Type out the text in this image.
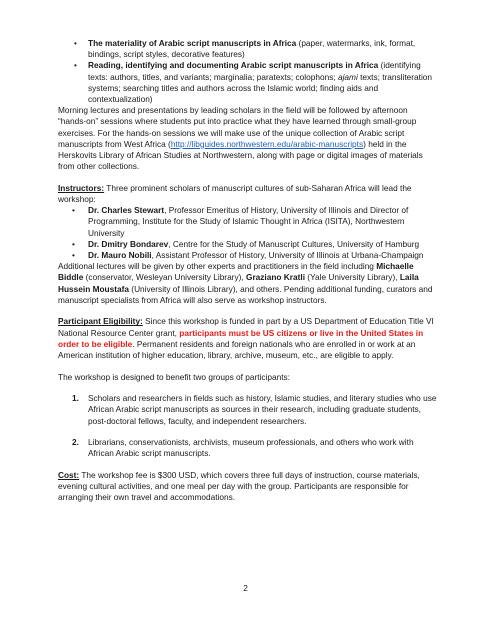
• The materiality of Arabic script manuscripts in Africa (paper, watermarks, ink, format, bindings, script styles, decorative features)
• Reading, identifying and documenting Arabic script manuscripts in Africa (identifying texts: authors, titles, and variants; marginalia; paratexts; colophons; ajami texts; transliteration systems; searching titles and authors across the Islamic world; finding aids and contextualization)

Morning lectures and presentations by leading scholars in the field will be followed by afternoon “hands-on” sessions where students put into practice what they have learned through small-group exercises. For the hands-on sessions we will make use of the unique collection of Arabic script manuscripts from West Africa (http://libguides.northwestern.edu/arabic-manuscripts) held in the Herskovits Library of African Studies at Northwestern, along with page or digital images of materials from other collections.

Instructors: Three prominent scholars of manuscript cultures of sub-Saharan Africa will lead the workshop:

• Dr. Charles Stewart, Professor Emeritus of History, University of Illinois and Director of Programming, Institute for the Study of Islamic Thought in Africa (ISITA), Northwestern University
• Dr. Dmitry Bondarev, Centre for the Study of Manuscript Cultures, University of Hamburg
• Dr. Mauro Nobili, Assistant Professor of History, University of Illinois at Urbana-Champaign

Additional lectures will be given by other experts and practitioners in the field including Michaelle Biddle (conservator, Wesleyan University Library), Graziano Kratli (Yale University Library), Laila Hussein Moustafa (University of Illinois Library), and others. Pending additional funding, curators and manuscript specialists from Africa will also serve as workshop instructors.

Participant Eligibility: Since this workshop is funded in part by a US Department of Education Title VI National Resource Center grant, participants must be US citizens or live in the United States in order to be eligible. Permanent residents and foreign nationals who are enrolled in or work at an American institution of higher education, library, archive, museum, etc., are eligible to apply.

The workshop is designed to benefit two groups of participants:

1. Scholars and researchers in fields such as history, Islamic studies, and literary studies who use African Arabic script manuscripts as sources in their research, including graduate students, post-doctoral fellows, faculty, and independent researchers.
2. Librarians, conservationists, archivists, museum professionals, and others who work with African Arabic script manuscripts.

Cost: The workshop fee is $300 USD, which covers three full days of instruction, course materials, evening cultural activities, and one meal per day with the group. Participants are responsible for arranging their own travel and accommodations.

2
